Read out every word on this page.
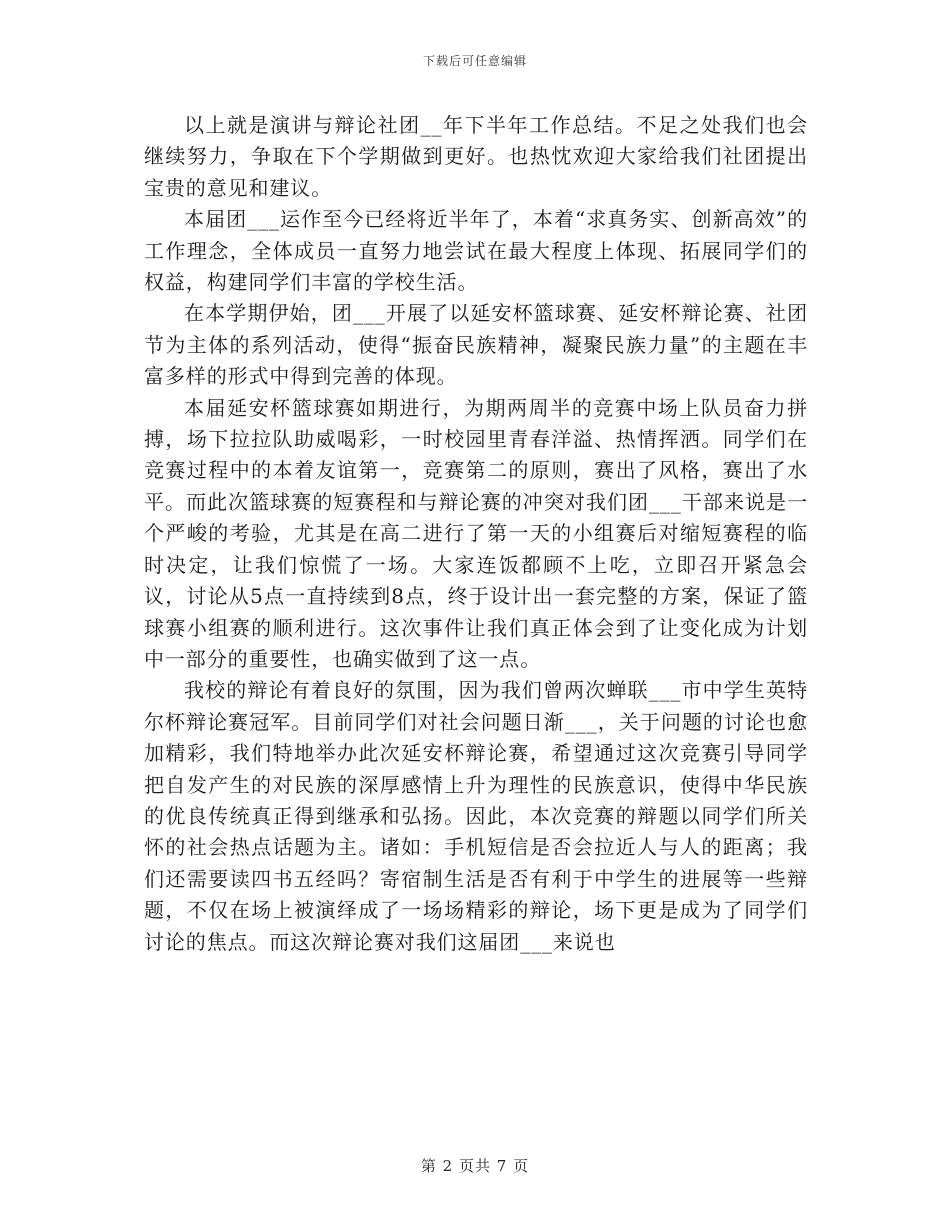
下载后可任意编辑

以上就是演讲与辩论社团__年下半年工作总结。不足之处我们也会继续努力，争取在下个学期做到更好。也热忱欢迎大家给我们社团提出宝贵的意见和建议。

本届团___运作至今已经将近半年了，本着“求真务实、创新高效”的工作理念，全体成员一直努力地尝试在最大程度上体现、拓展同学们的权益，构建同学们丰富的学校生活。

在本学期伊始，团___开展了以延安杯篮球赛、延安杯辩论赛、社团节为主体的系列活动，使得“振奋民族精神，凝聚民族力量”的主题在丰富多样的形式中得到完善的体现。

本届延安杯篮球赛如期进行，为期两周半的竞赛中场上队员奋力拼搏，场下拉拉队助威喝彩，一时校园里青春洋溢、热情挥洒。同学们在竞赛过程中的本着友谊第一，竞赛第二的原则，赛出了风格，赛出了水平。而此次篮球赛的短赛程和与辩论赛的冲突对我们团___干部来说是一个严峻的考验，尤其是在高二进行了第一天的小组赛后对缩短赛程的临时决定，让我们惊慌了一场。大家连饭都顾不上吃，立即召开紧急会议，讨论从5点一直持续到8点，终于设计出一套完整的方案，保证了篮球赛小组赛的顺利进行。这次事件让我们真正体会到了让变化成为计划中一部分的重要性，也确实做到了这一点。

我校的辩论有着良好的氛围，因为我们曾两次蝉联___市中学生英特尔杯辩论赛冠军。目前同学们对社会问题日渐___，关于问题的讨论也愈加精彩，我们特地举办此次延安杯辩论赛，希望通过这次竞赛引导同学把自发产生的对民族的深厚感情上升为理性的民族意识，使得中华民族的优良传统真正得到继承和弘扬。因此，本次竞赛的辩题以同学们所关怀的社会热点话题为主。诸如：手机短信是否会拉近人与人的距离；我们还需要读四书五经吗？寄宿制生活是否有利于中学生的进展等一些辩题，不仅在场上被演绎成了一场场精彩的辩论，场下更是成为了同学们讨论的焦点。而这次辩论赛对我们这届团___来说也

第 2 页共 7 页
